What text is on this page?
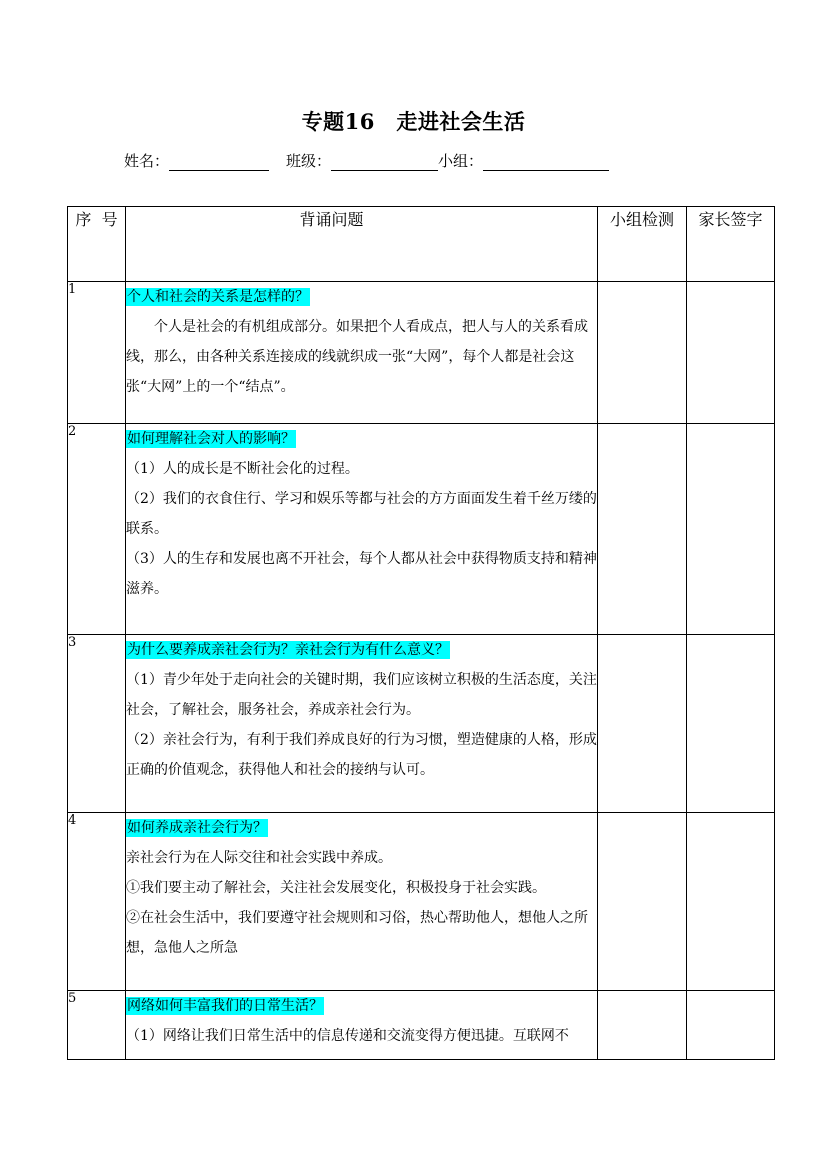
专题16　走进社会生活
姓名：	班级：	小组：
序  号	背诵问题	小组检测	家长签字
1	个人和社会的关系是怎样的？

个人是社会的有机组成部分。如果把个人看成点，把人与人的关系看成线，那么，由各种关系连接成的线就织成一张“大网”，每个人都是社会这张“大网”上的一个“结点”。		

2	如何理解社会对人的影响？

（1）人的成长是不断社会化的过程。

（2）我们的衣食住行、学习和娱乐等都与社会的方方面面发生着千丝万缕的联系。

（3）人的生存和发展也离不开社会，每个人都从社会中获得物质支持和精神滋养。		

3	为什么要养成亲社会行为？亲社会行为有什么意义？

（1）青少年处于走向社会的关键时期，我们应该树立积极的生活态度，关注社会，了解社会，服务社会，养成亲社会行为。

（2）亲社会行为，有利于我们养成良好的行为习惯，塑造健康的人格，形成正确的价值观念，获得他人和社会的接纳与认可。		

4	如何养成亲社会行为？

亲社会行为在人际交往和社会实践中养成。

①我们要主动了解社会，关注社会发展变化，积极投身于社会实践。

②在社会生活中，我们要遵守社会规则和习俗，热心帮助他人，想他人之所想，急他人之所急		

5	网络如何丰富我们的日常生活？

（1）网络让我们日常生活中的信息传递和交流变得方便迅捷。互联网不		
